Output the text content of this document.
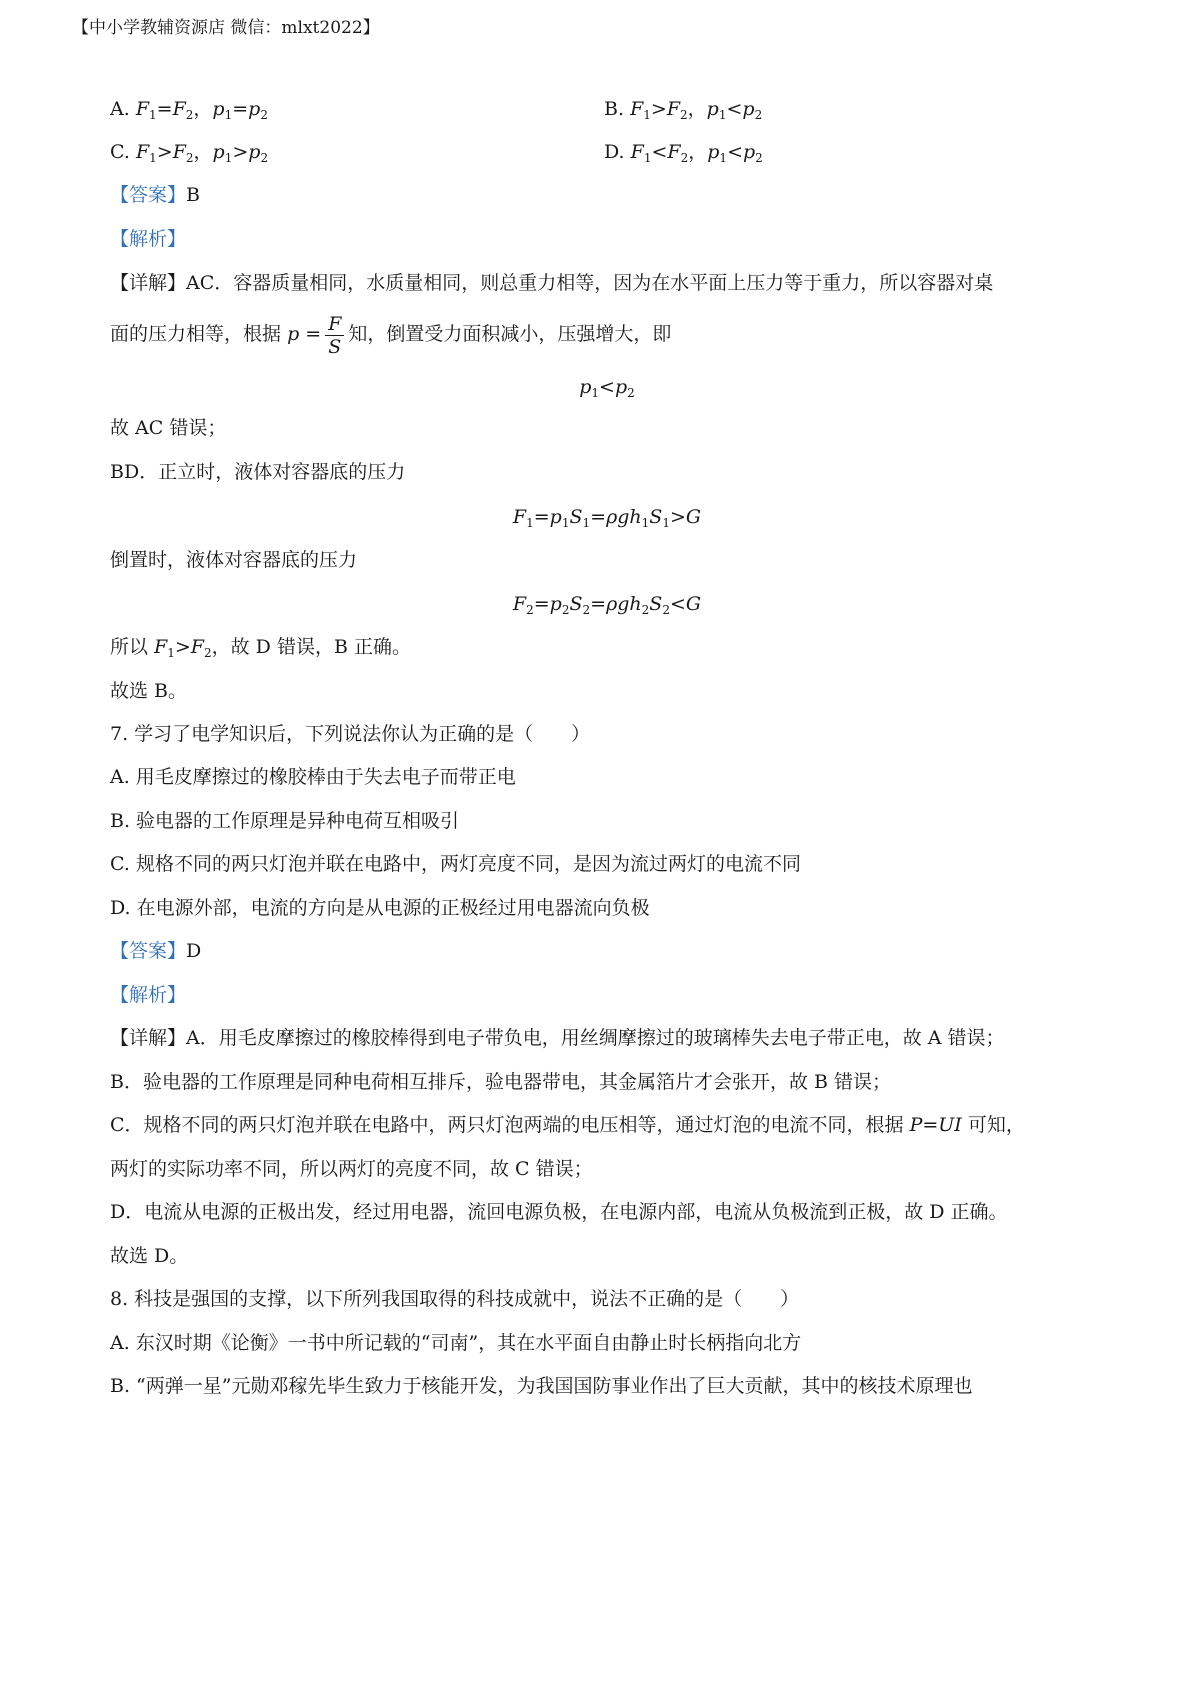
【中小学教辅资源店 微信：mlxt2022】
A. $F_1=F_2$，$p_1=p_2$	B. $F_1>F_2$，$p_1<p_2$
C. $F_1>F_2$，$p_1>p_2$	D. $F_1<F_2$，$p_1<p_2$
【答案】B
【解析】
【详解】AC．容器质量相同，水质量相同，则总重力相等，因为在水平面上压力等于重力，所以容器对桌
面的压力相等，根据 $p = \frac{F}{S}$ 知，倒置受力面积减小，压强增大，即
$p_1<p_2$
故 AC 错误；
BD．正立时，液体对容器底的压力
$F_1=p_1S_1=\rho gh_1S_1>G$
倒置时，液体对容器底的压力
$F_2=p_2S_2=\rho gh_2S_2<G$
所以 $F_1>F_2$，故 D 错误，B 正确。
故选 B。
7. 学习了电学知识后，下列说法你认为正确的是（　　）
A. 用毛皮摩擦过的橡胶棒由于失去电子而带正电
B. 验电器的工作原理是异种电荷互相吸引
C. 规格不同的两只灯泡并联在电路中，两灯亮度不同，是因为流过两灯的电流不同
D. 在电源外部，电流的方向是从电源的正极经过用电器流向负极
【答案】D
【解析】
【详解】A．用毛皮摩擦过的橡胶棒得到电子带负电，用丝绸摩擦过的玻璃棒失去电子带正电，故 A 错误；
B．验电器的工作原理是同种电荷相互排斥，验电器带电，其金属箔片才会张开，故 B 错误；
C．规格不同的两只灯泡并联在电路中，两只灯泡两端的电压相等，通过灯泡的电流不同，根据 P=UI 可知，
两灯的实际功率不同，所以两灯的亮度不同，故 C 错误；
D．电流从电源的正极出发，经过用电器，流回电源负极，在电源内部，电流从负极流到正极，故 D 正确。
故选 D。
8. 科技是强国的支撑，以下所列我国取得的科技成就中，说法不正确的是（　　）
A. 东汉时期《论衡》一书中所记载的“司南”，其在水平面自由静止时长柄指向北方
B. “两弹一星”元勋邓稼先毕生致力于核能开发，为我国国防事业作出了巨大贡献，其中的核技术原理也
